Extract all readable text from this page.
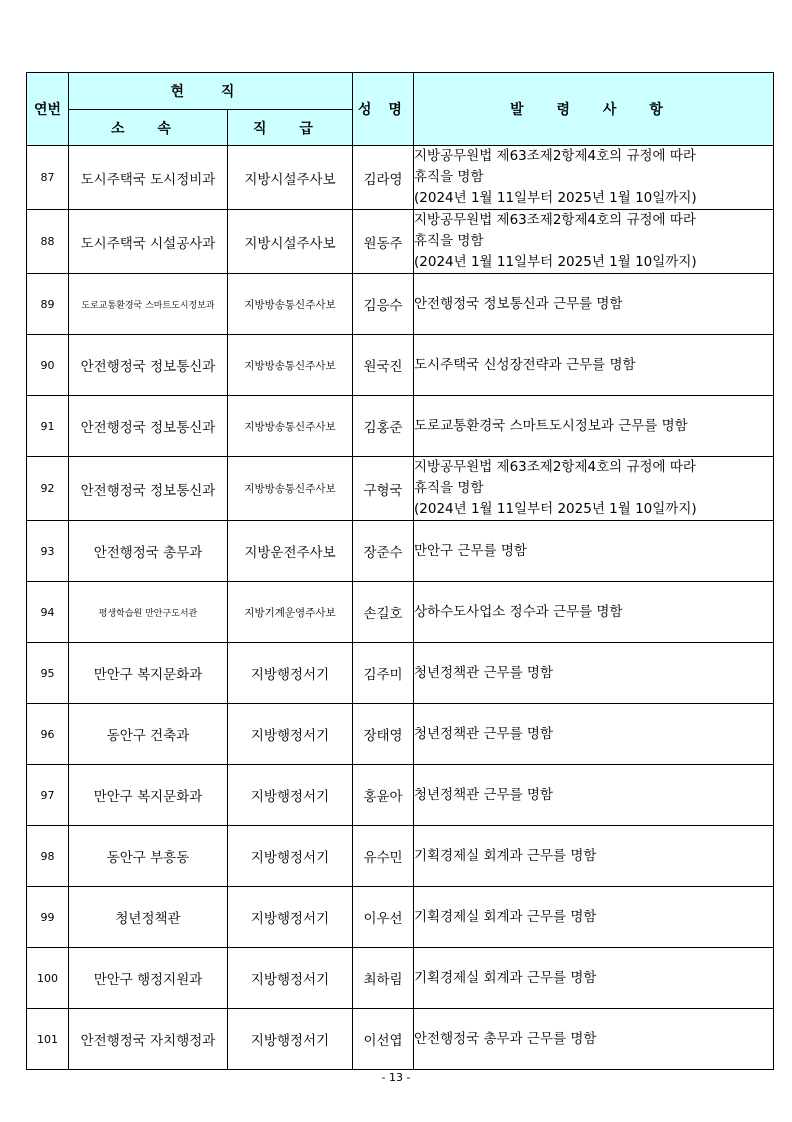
연번	현 직		성 명	발 령 사 항
	소 속	직 급		
87	도시주택국 도시정비과	지방시설주사보	김라영	지방공무원법 제63조제2항제4호의 규정에 따라
휴직을 명함
(2024년 1월 11일부터 2025년 1월 10일까지)

88	도시주택국 시설공사과	지방시설주사보	원동주	지방공무원법 제63조제2항제4호의 규정에 따라
휴직을 명함
(2024년 1월 11일부터 2025년 1월 10일까지)

89	도로교통환경국 스마트도시정보과	지방방송통신주사보	김응수	안전행정국 정보통신과 근무를 명함

90	안전행정국 정보통신과	지방방송통신주사보	원국진	도시주택국 신성장전략과 근무를 명함

91	안전행정국 정보통신과	지방방송통신주사보	김홍준	도로교통환경국 스마트도시정보과 근무를 명함

92	안전행정국 정보통신과	지방방송통신주사보	구형국	지방공무원법 제63조제2항제4호의 규정에 따라
휴직을 명함
(2024년 1월 11일부터 2025년 1월 10일까지)

93	안전행정국 총무과	지방운전주사보	장준수	만안구 근무를 명함

94	평생학습원 만안구도서관	지방기계운영주사보	손길호	상하수도사업소 정수과 근무를 명함

95	만안구 복지문화과	지방행정서기	김주미	청년정책관 근무를 명함

96	동안구 건축과	지방행정서기	장태영	청년정책관 근무를 명함

97	만안구 복지문화과	지방행정서기	홍윤아	청년정책관 근무를 명함

98	동안구 부흥동	지방행정서기	유수민	기획경제실 회계과 근무를 명함

99	청년정책관	지방행정서기	이우선	기획경제실 회계과 근무를 명함

100	만안구 행정지원과	지방행정서기	최하림	기획경제실 회계과 근무를 명함

101	안전행정국 자치행정과	지방행정서기	이선엽	안전행정국 총무과 근무를 명함
- 13 -
